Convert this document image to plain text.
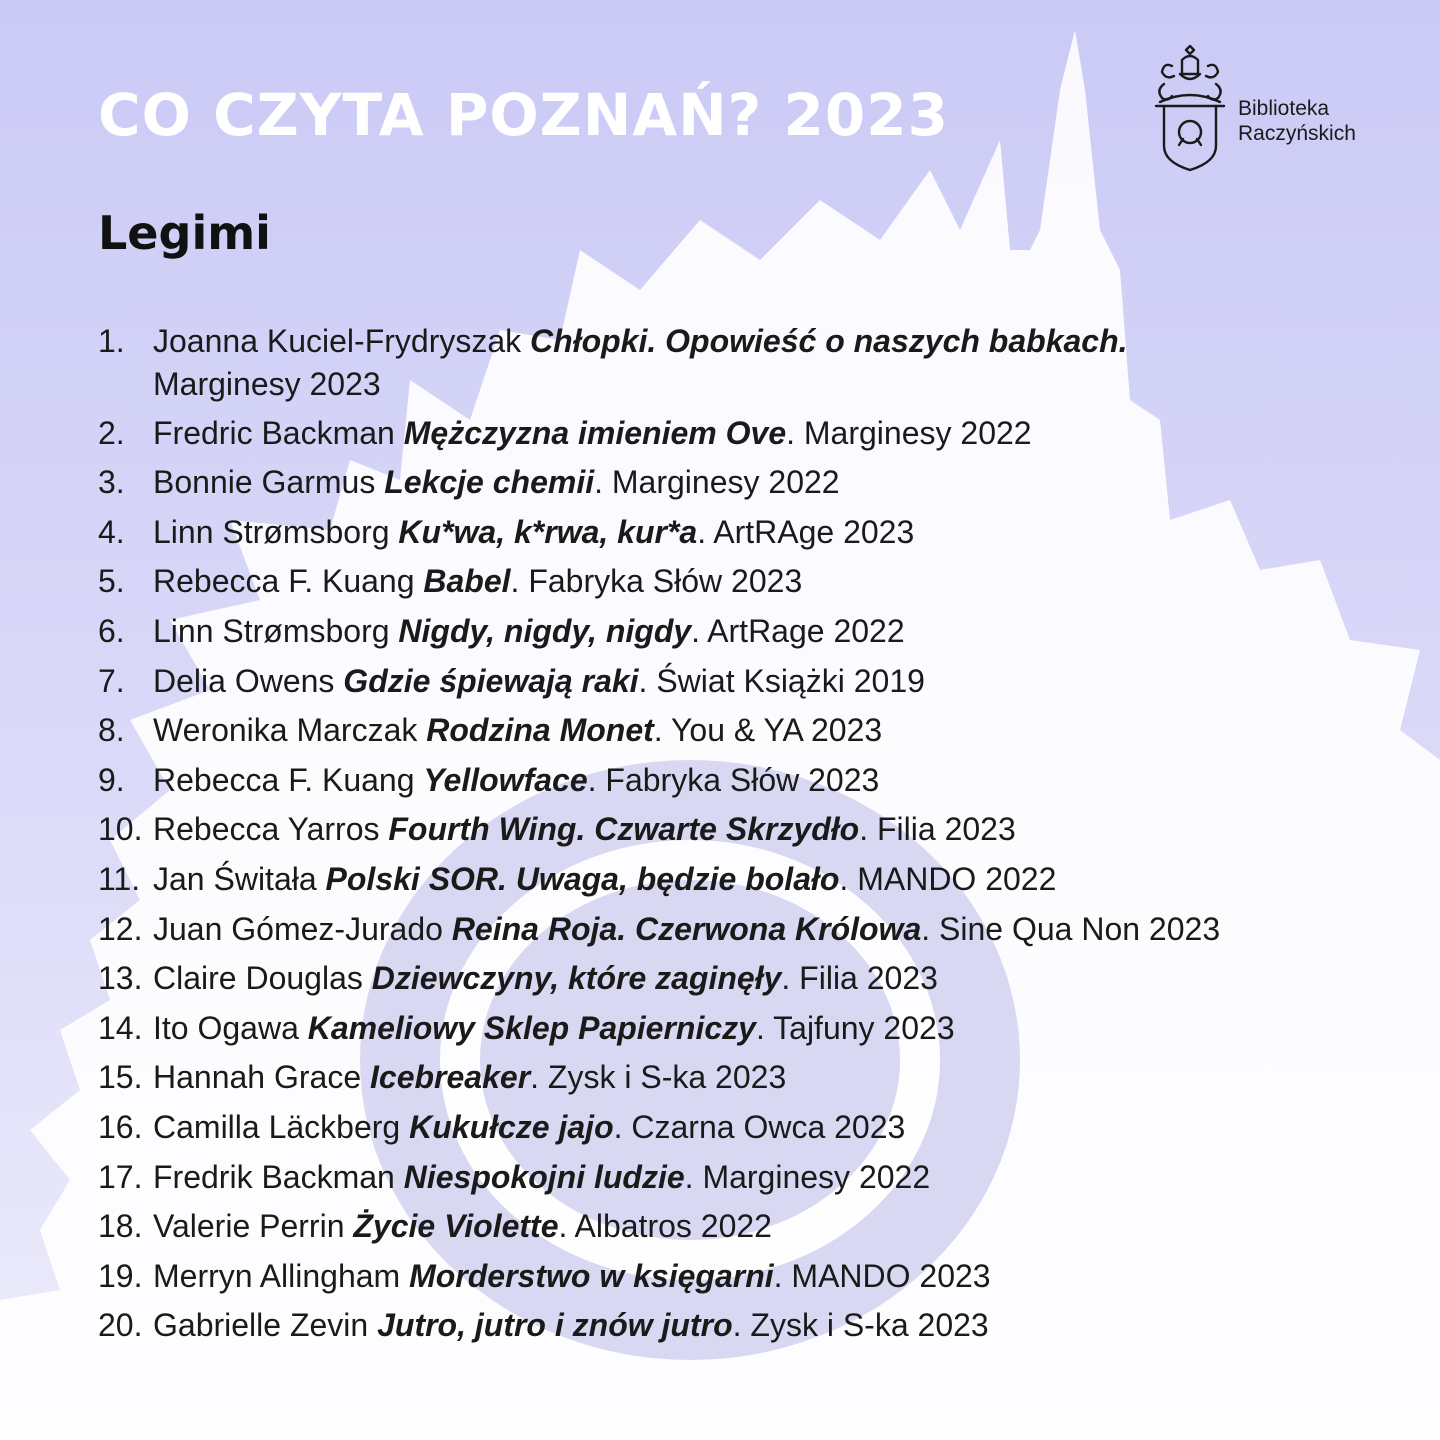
CO CZYTA POZNAŃ? 2023
Legimi
Biblioteka
Raczyńskich
1. Joanna Kuciel-Frydryszak Chłopki. Opowieść o naszych babkach.
Marginesy 2023
2. Fredric Backman Mężczyzna imieniem Ove. Marginesy 2022
3. Bonnie Garmus Lekcje chemii. Marginesy 2022
4. Linn Strømsborg Ku*wa, k*rwa, kur*a. ArtRAge 2023
5. Rebecca F. Kuang Babel. Fabryka Słów 2023
6. Linn Strømsborg Nigdy, nigdy, nigdy. ArtRage 2022
7. Delia Owens Gdzie śpiewają raki. Świat Książki 2019
8. Weronika Marczak Rodzina Monet. You & YA 2023
9. Rebecca F. Kuang Yellowface. Fabryka Słów 2023
10. Rebecca Yarros Fourth Wing. Czwarte Skrzydło. Filia 2023
11. Jan Świtała Polski SOR. Uwaga, będzie bolało. MANDO 2022
12. Juan Gómez-Jurado Reina Roja. Czerwona Królowa. Sine Qua Non 2023
13. Claire Douglas Dziewczyny, które zaginęły. Filia 2023
14. Ito Ogawa Kameliowy Sklep Papierniczy. Tajfuny 2023
15. Hannah Grace Icebreaker. Zysk i S-ka 2023
16. Camilla Läckberg Kukułcze jajo. Czarna Owca 2023
17. Fredrik Backman Niespokojni ludzie. Marginesy 2022
18. Valerie Perrin Życie Violette. Albatros 2022
19. Merryn Allingham Morderstwo w księgarni. MANDO 2023
20. Gabrielle Zevin Jutro, jutro i znów jutro. Zysk i S-ka 2023
